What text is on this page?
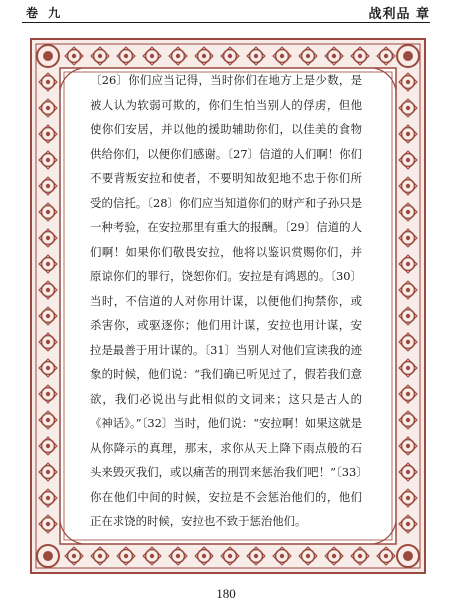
卷 九	战利品 章

〔26〕你们应当记得，当时你们在地方上是少数，是被人认为软弱可欺的，你们生怕当别人的俘虏，但他使你们安居，并以他的援助辅助你们，以佳美的食物供给你们，以便你们感谢。〔27〕信道的人们啊！你们不要背叛安拉和使者，不要明知故犯地不忠于你们所受的信托。〔28〕你们应当知道你们的财产和子孙只是一种考验，在安拉那里有重大的报酬。〔29〕信道的人们啊！如果你们敬畏安拉，他将以鉴识赏赐你们，并原谅你们的罪行，饶恕你们。安拉是有鸿恩的。〔30〕当时，不信道的人对你用计谋，以便他们拘禁你，或杀害你，或驱逐你；他们用计谋，安拉也用计谋，安拉是最善于用计谋的。〔31〕当别人对他们宣读我的迹象的时候，他们说：“我们确已听见过了，假若我们意欲，我们必说出与此相似的文词来；这只是古人的《神话》。”〔32〕当时，他们说：“安拉啊！如果这就是从你降示的真理，那末，求你从天上降下雨点般的石头来毁灭我们，或以痛苦的刑罚来惩治我们吧！”〔33〕你在他们中间的时候，安拉是不会惩治他们的，他们正在求饶的时候，安拉也不致于惩治他们。

180
